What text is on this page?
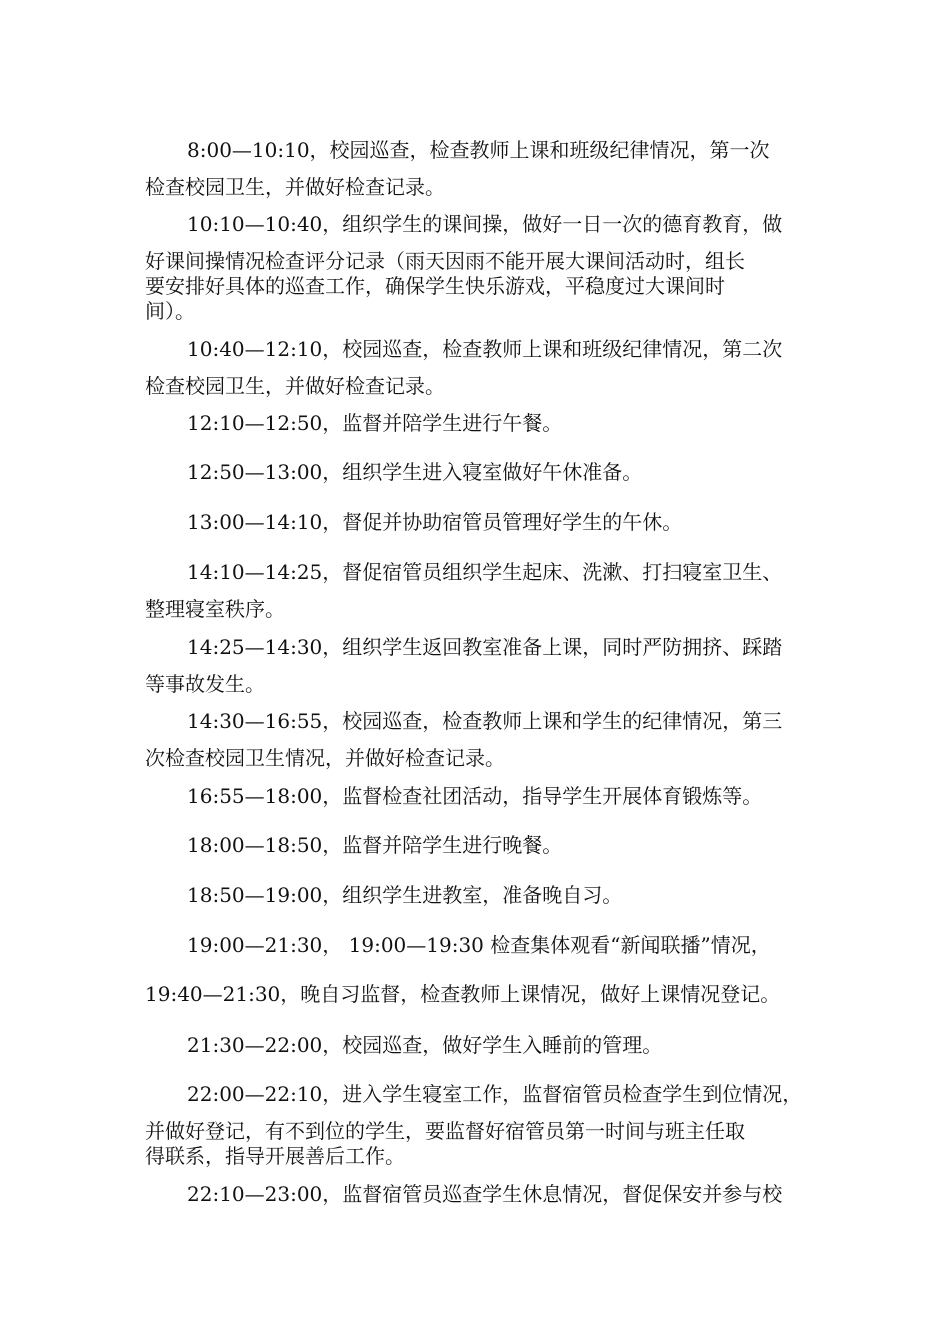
8:00—10:10，校园巡查，检查教师上课和班级纪律情况，第一次
检查校园卫生，并做好检查记录。

10:10—10:40，组织学生的课间操，做好一日一次的德育教育，做
好课间操情况检查评分记录（雨天因雨不能开展大课间活动时，组长
要安排好具体的巡查工作，确保学生快乐游戏，平稳度过大课间时
间）。

10:40—12:10，校园巡查，检查教师上课和班级纪律情况，第二次
检查校园卫生，并做好检查记录。

12:10—12:50，监督并陪学生进行午餐。

12:50—13:00，组织学生进入寝室做好午休准备。

13:00—14:10，督促并协助宿管员管理好学生的午休。

14:10—14:25，督促宿管员组织学生起床、洗漱、打扫寝室卫生、
整理寝室秩序。

14:25—14:30，组织学生返回教室准备上课，同时严防拥挤、踩踏
等事故发生。

14:30—16:55，校园巡查，检查教师上课和学生的纪律情况，第三
次检查校园卫生情况，并做好检查记录。

16:55—18:00，监督检查社团活动，指导学生开展体育锻炼等。

18:00—18:50，监督并陪学生进行晚餐。

18:50—19:00，组织学生进教室，准备晚自习。

19:00—21:30， 19:00—19:30 检查集体观看“新闻联播”情况，
19:40—21:30，晚自习监督，检查教师上课情况，做好上课情况登记。

21:30—22:00，校园巡查，做好学生入睡前的管理。

22:00—22:10，进入学生寝室工作，监督宿管员检查学生到位情况，
并做好登记，有不到位的学生，要监督好宿管员第一时间与班主任取
得联系，指导开展善后工作。

22:10—23:00，监督宿管员巡查学生休息情况，督促保安并参与校
